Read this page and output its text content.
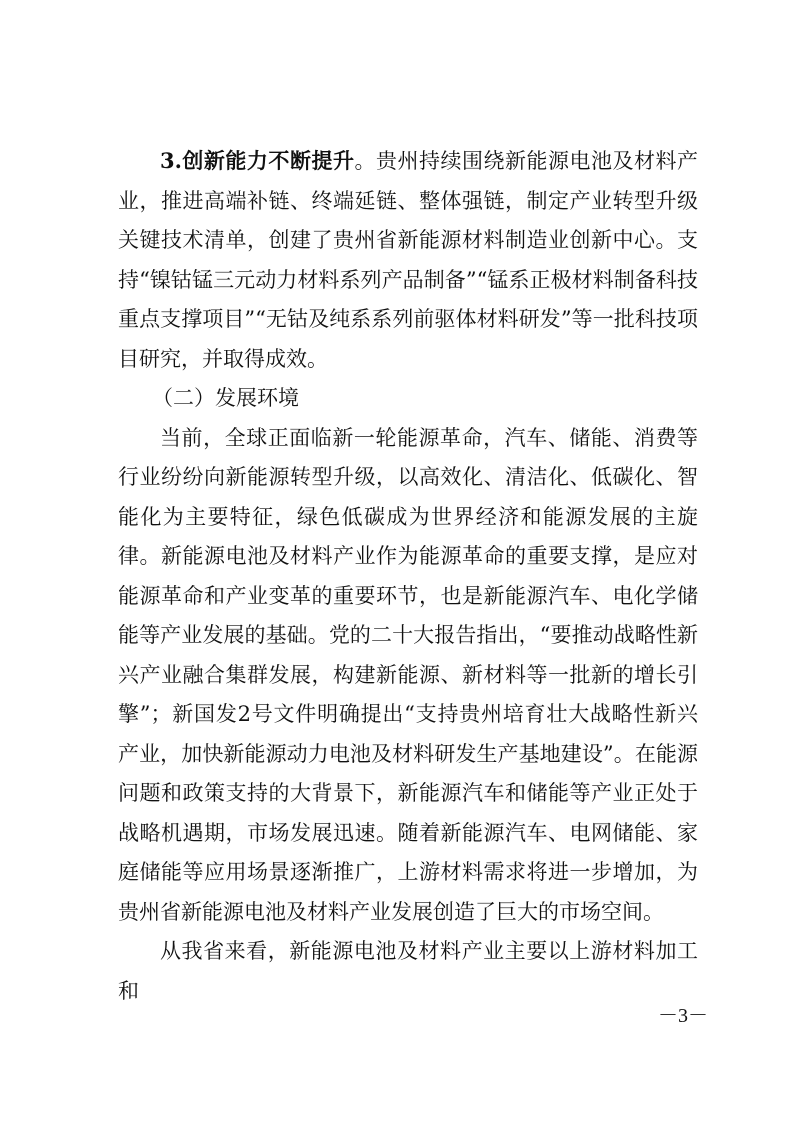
3.创新能力不断提升。贵州持续围绕新能源电池及材料产业，推进高端补链、终端延链、整体强链，制定产业转型升级关键技术清单，创建了贵州省新能源材料制造业创新中心。支持“镍钴锰三元动力材料系列产品制备”“锰系正极材料制备科技重点支撑项目”“无钴及纯系系列前驱体材料研发”等一批科技项目研究，并取得成效。

（二）发展环境

当前，全球正面临新一轮能源革命，汽车、储能、消费等行业纷纷向新能源转型升级，以高效化、清洁化、低碳化、智能化为主要特征，绿色低碳成为世界经济和能源发展的主旋律。新能源电池及材料产业作为能源革命的重要支撑，是应对能源革命和产业变革的重要环节，也是新能源汽车、电化学储能等产业发展的基础。党的二十大报告指出，“要推动战略性新兴产业融合集群发展，构建新能源、新材料等一批新的增长引擎”；新国发2号文件明确提出“支持贵州培育壮大战略性新兴产业，加快新能源动力电池及材料研发生产基地建设”。在能源问题和政策支持的大背景下，新能源汽车和储能等产业正处于战略机遇期，市场发展迅速。随着新能源汽车、电网储能、家庭储能等应用场景逐渐推广，上游材料需求将进一步增加，为贵州省新能源电池及材料产业发展创造了巨大的市场空间。

从我省来看，新能源电池及材料产业主要以上游材料加工和

－3－
